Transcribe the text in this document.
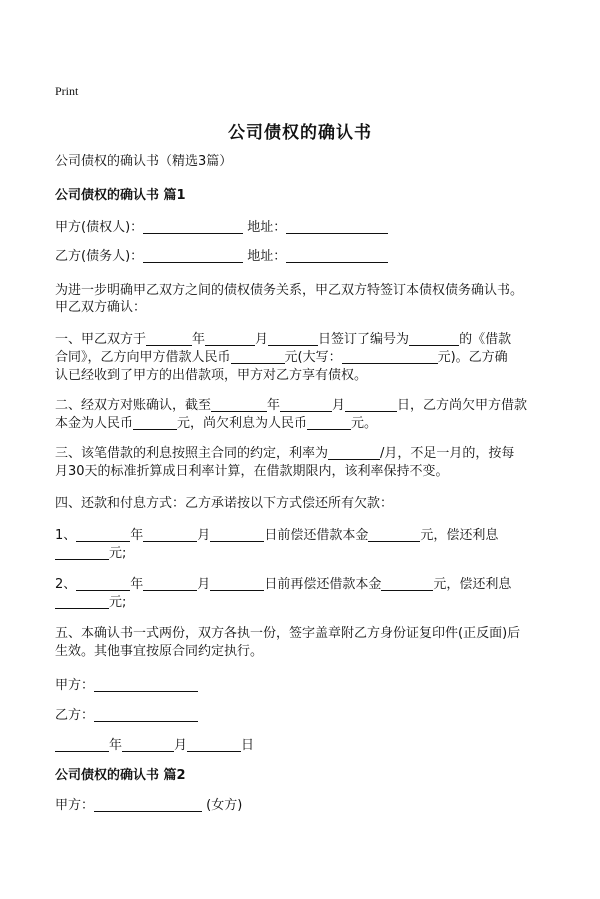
Print
公司债权的确认书
公司债权的确认书（精选3篇）
公司债权的确认书 篇1
甲方(债权人)：	地址：
乙方(债务人)：	地址：
为进一步明确甲乙双方之间的债权债务关系，甲乙双方特签订本债权债务确认书。
甲乙双方确认：
一、甲乙双方于	年	月	日签订了编号为	的《借款
合同》，乙方向甲方借款人民币	元(大写：	元)。乙方确
认已经收到了甲方的出借款项，甲方对乙方享有债权。
二、经双方对账确认，截至	年	月	日，乙方尚欠甲方借款
本金为人民币	元，尚欠利息为人民币	元。
三、该笔借款的利息按照主合同的约定，利率为	/月，不足一月的，按每
月30天的标准折算成日利率计算，在借款期限内，该利率保持不变。
四、还款和付息方式：乙方承诺按以下方式偿还所有欠款：
1、	年	月	日前偿还借款本金	元，偿还利息
元;
2、	年	月	日前再偿还借款本金	元，偿还利息
元;
五、本确认书一式两份，双方各执一份，签字盖章附乙方身份证复印件(正反面)后
生效。其他事宜按原合同约定执行。
甲方：
乙方：
年	月	日
公司债权的确认书 篇2
甲方：	(女方)
